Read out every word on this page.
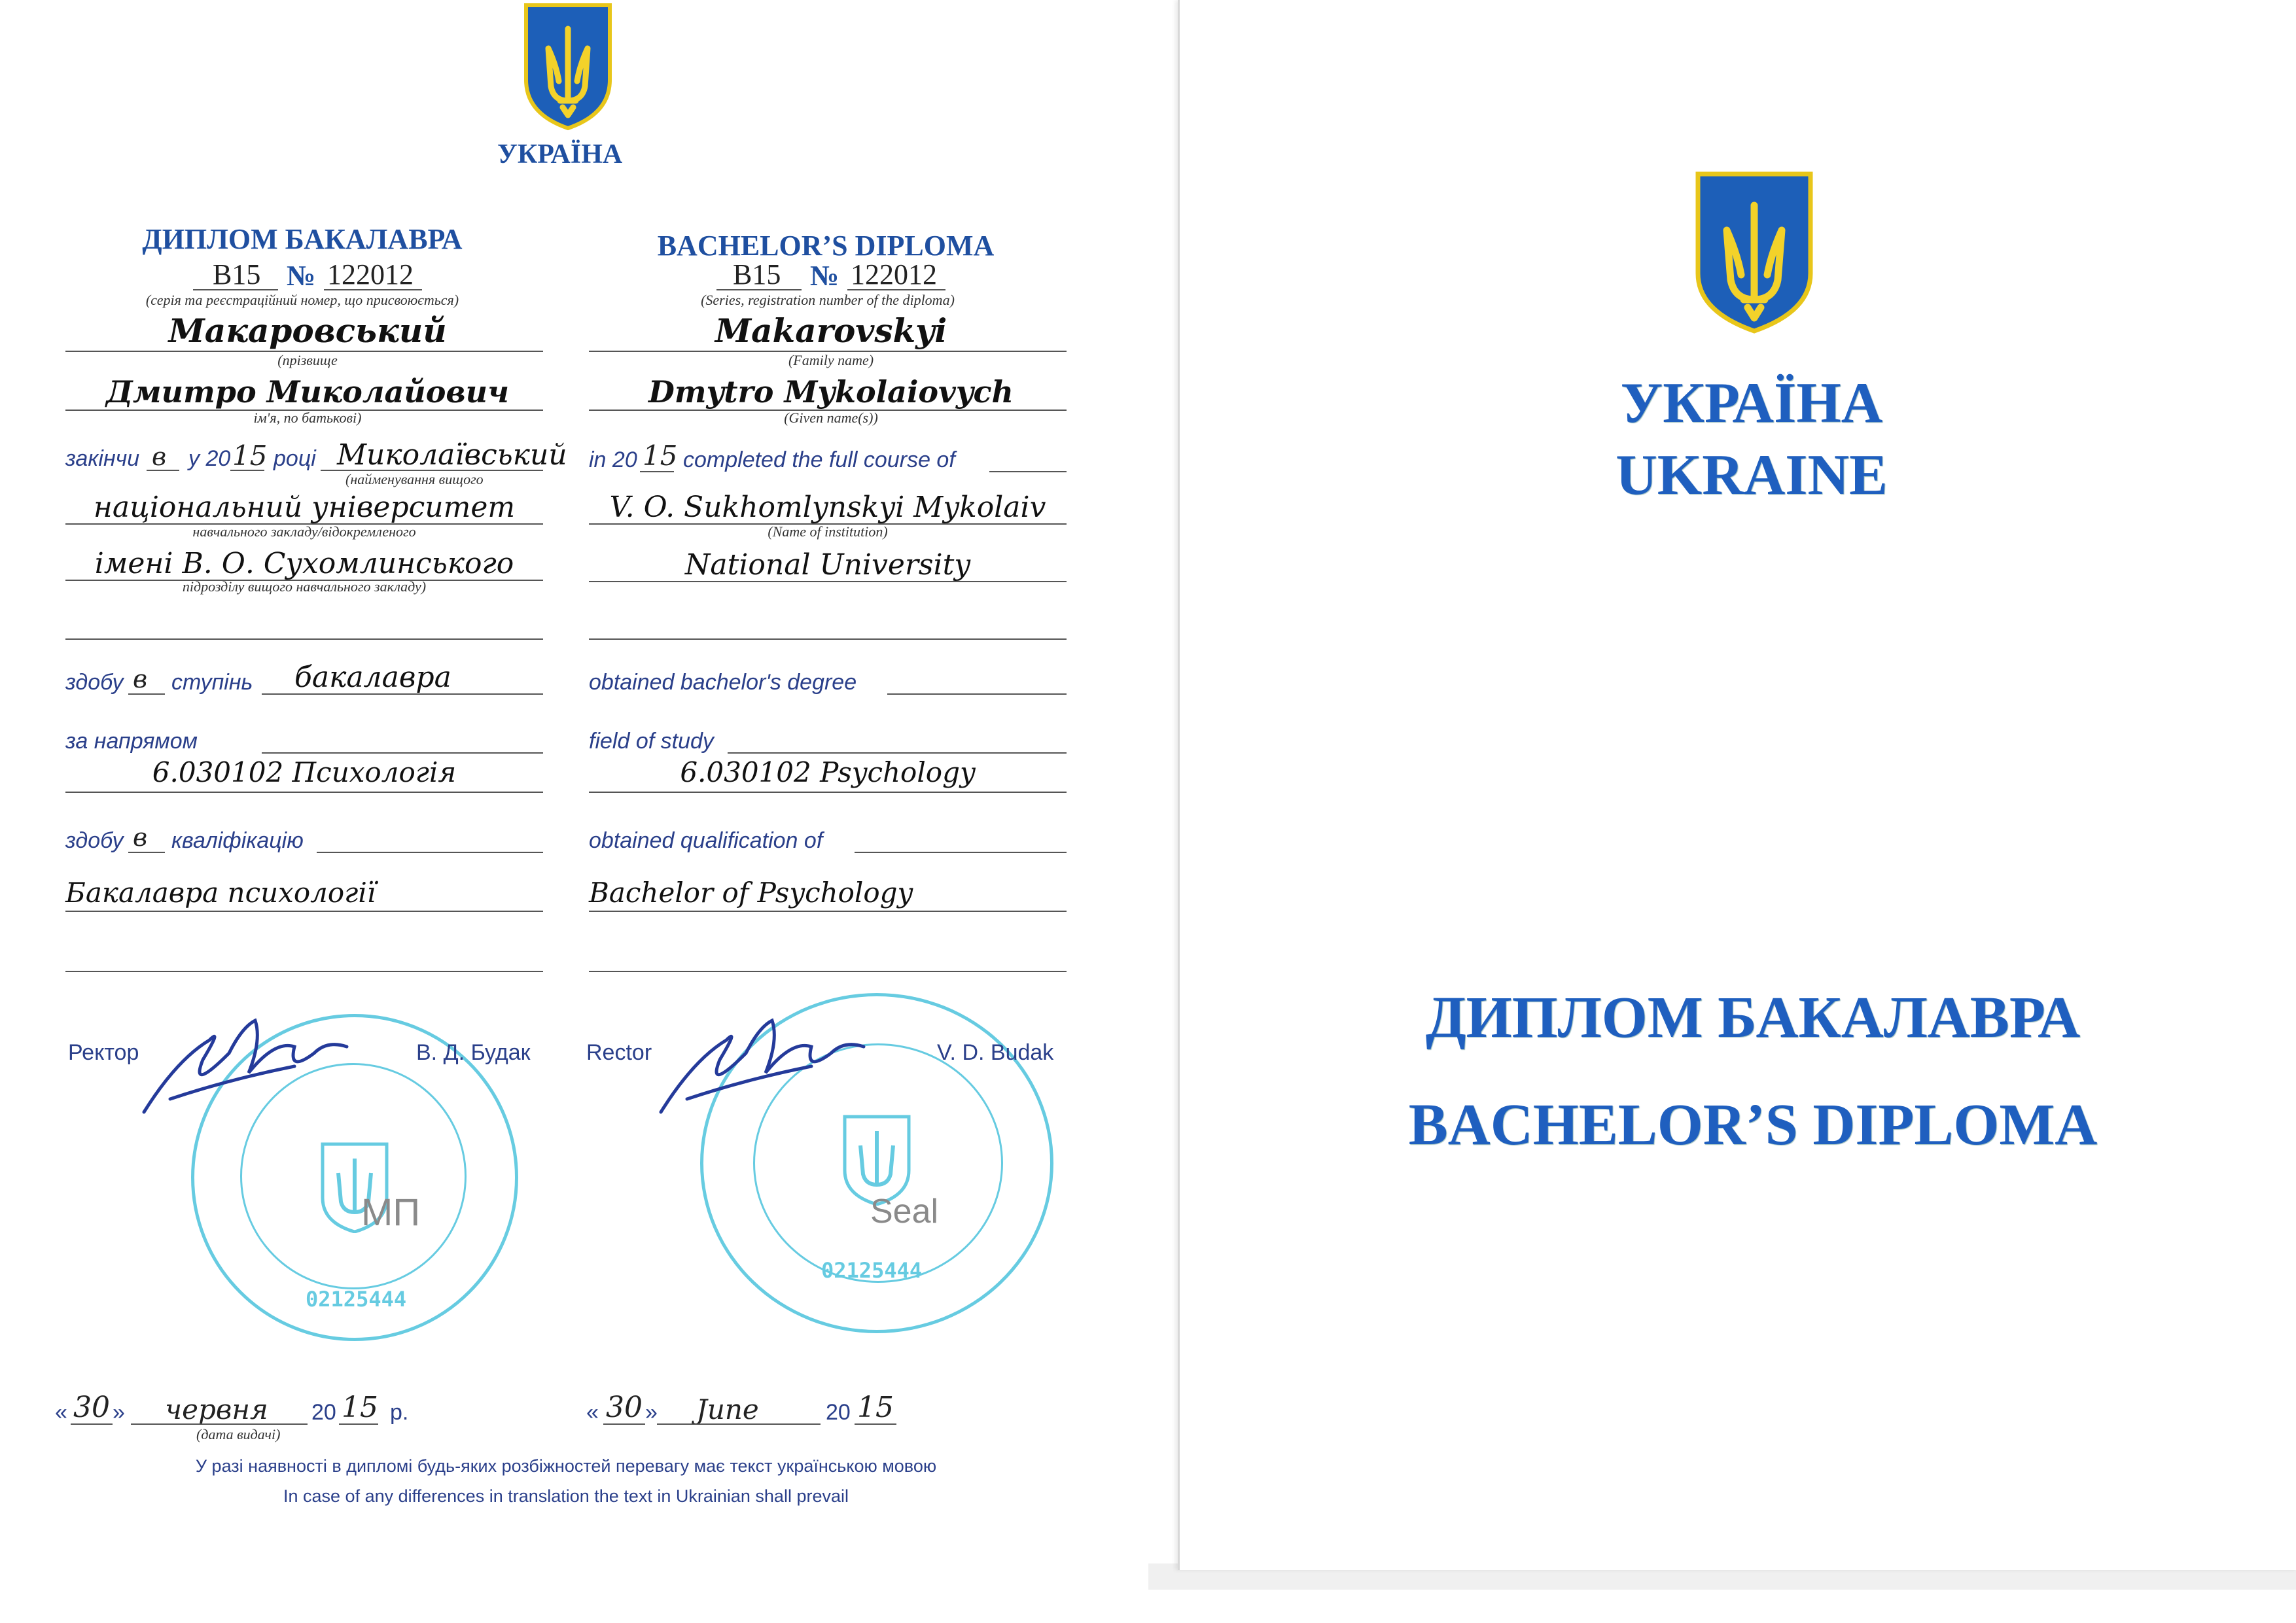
УКРАЇНА
ДИПЛОМ БАКАЛАВРА	BACHELOR’S DIPLOMA
B15 № 122012
(серія та реєстраційний номер, що присвоюється)
B15 № 122012
(Series, registration number of the diploma)
Макаровський
(прізвище
Makarovskyi
(Family name)
Дмитро Миколайович
ім'я, по батькові)
Dmytro Mykolaiovych
(Given name(s))
закінчи в у 20 15 році Миколаївський
(найменування вищого
національний університет
навчального закладу/відокремленого
імені В. О. Сухомлинського
підрозділу вищого навчального закладу)
in 20 15 completed the full course of
V. O. Sukhomlynskyi Mykolaiv
(Name of institution)
National University
здобу в ступінь бакалавра	obtained bachelor's degree
за напрямом
6.030102 Психологія
field of study
6.030102 Psychology
здобу в кваліфікацію
Бакалавра психології
obtained qualification of
Bachelor of Psychology
02125444
02125444
Ректор	В. Д. Будак	Rector	V. D. Budak
МП	Seal
« 30 » червня 20 15 р.
(дата видачі)
« 30 » June	20 15
У разі наявності в дипломі будь-яких розбіжностей перевагу має текст українською мовою
In case of any differences in translation the text in Ukrainian shall prevail
УКРАЇНА
UKRAINE
ДИПЛОМ БАКАЛАВРА
BACHELOR’S DIPLOMA
